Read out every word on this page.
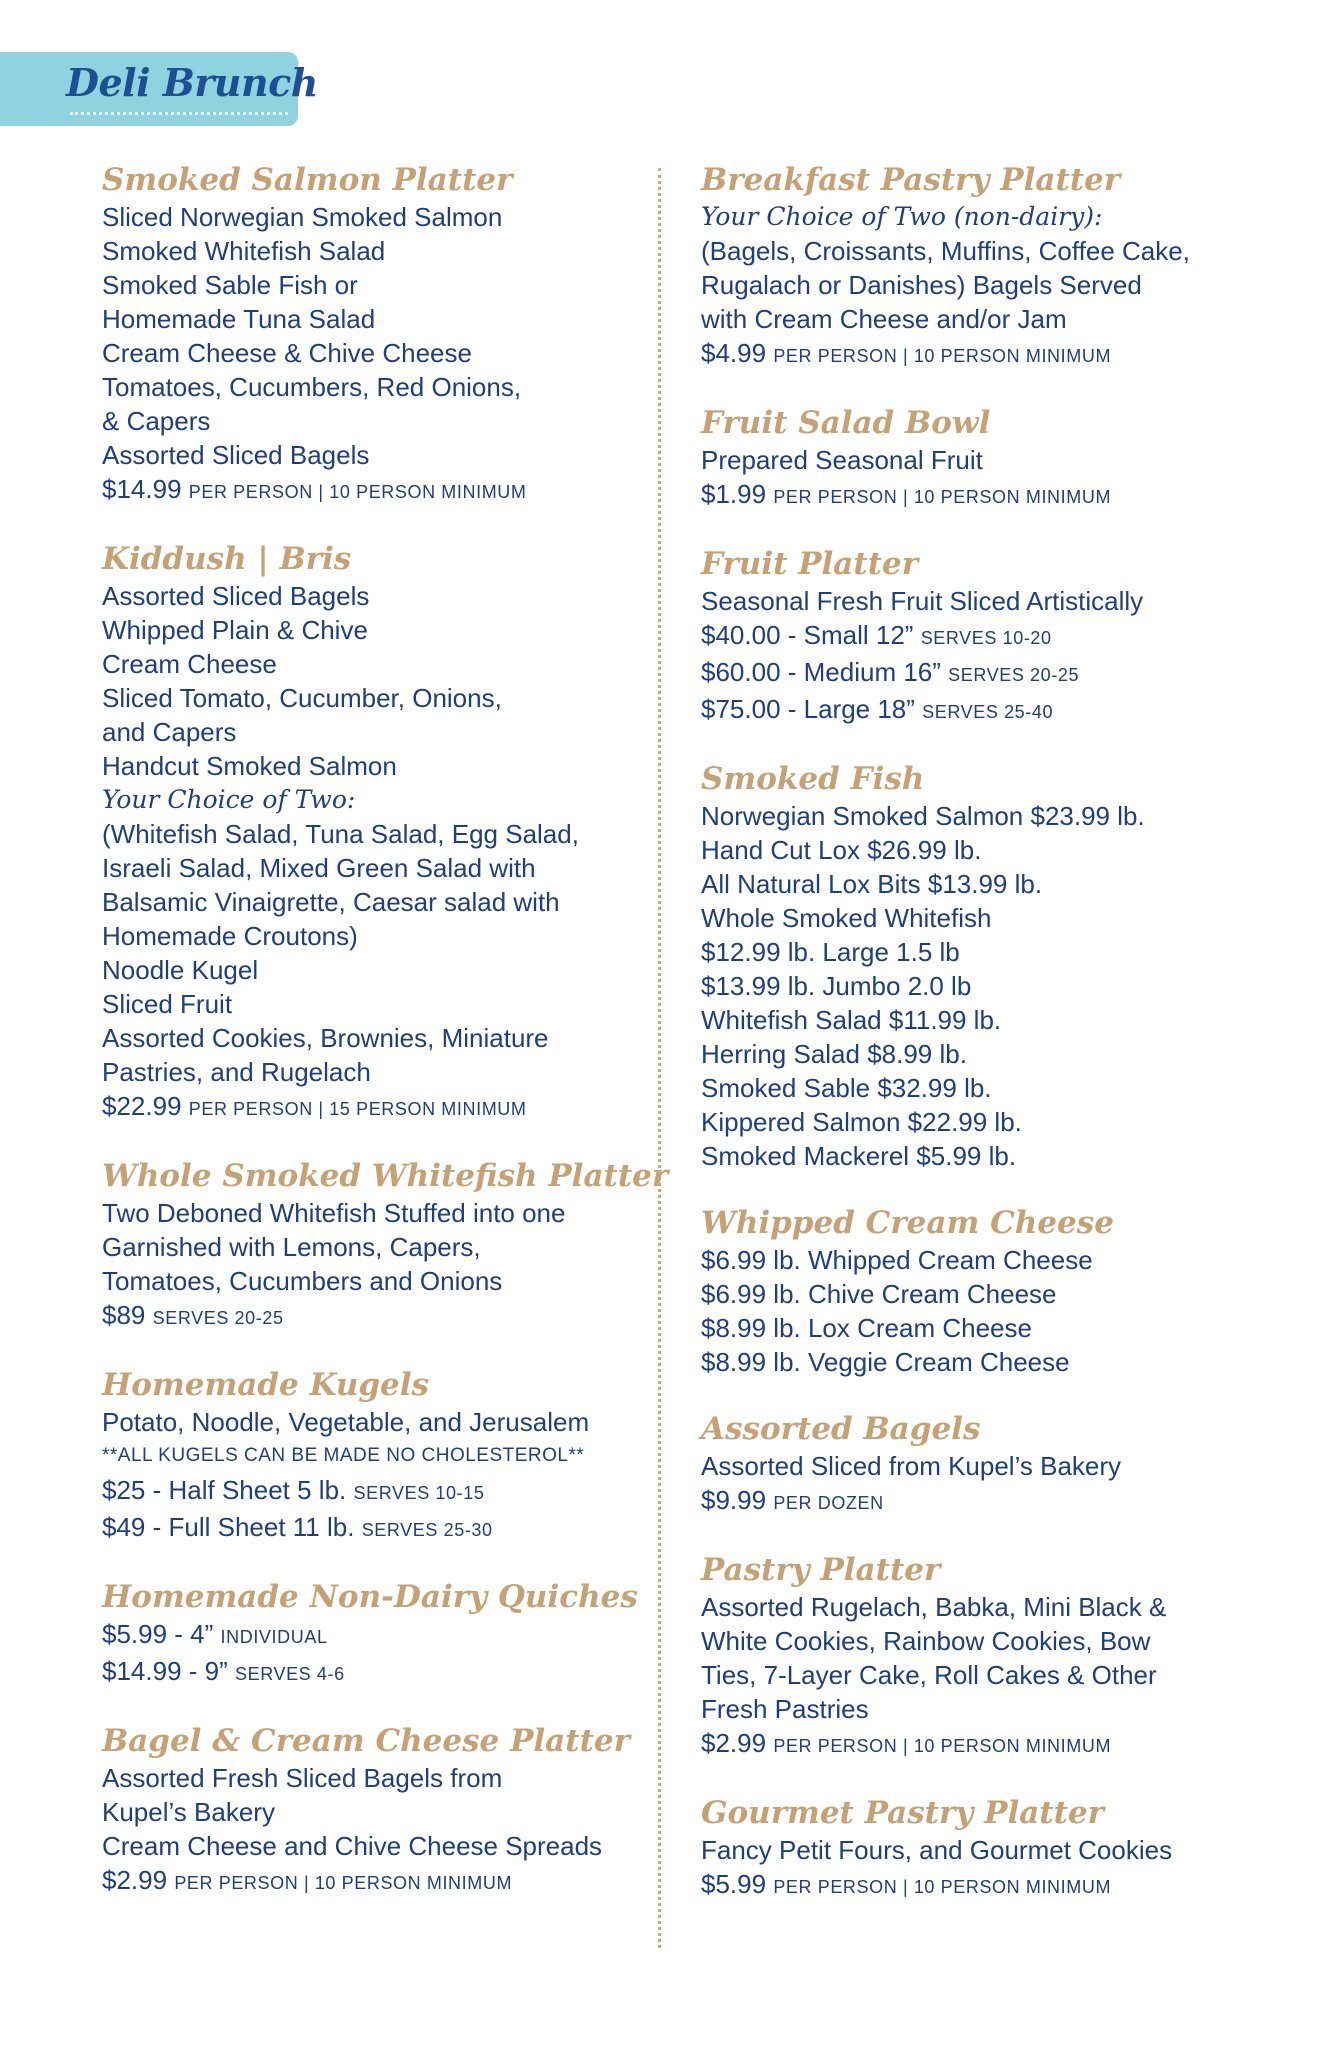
Deli Brunch
Smoked Salmon Platter
Sliced Norwegian Smoked Salmon
Smoked Whitefish Salad
Smoked Sable Fish or
Homemade Tuna Salad
Cream Cheese & Chive Cheese
Tomatoes, Cucumbers, Red Onions,
& Capers
Assorted Sliced Bagels
$14.99 PER PERSON | 10 PERSON MINIMUM
Kiddush | Bris
Assorted Sliced Bagels
Whipped Plain & Chive
Cream Cheese
Sliced Tomato, Cucumber, Onions,
and Capers
Handcut Smoked Salmon
Your Choice of Two:
(Whitefish Salad, Tuna Salad, Egg Salad,
Israeli Salad, Mixed Green Salad with
Balsamic Vinaigrette, Caesar salad with
Homemade Croutons)
Noodle Kugel
Sliced Fruit
Assorted Cookies, Brownies, Miniature
Pastries, and Rugelach
$22.99 PER PERSON | 15 PERSON MINIMUM
Whole Smoked Whitefish Platter
Two Deboned Whitefish Stuffed into one
Garnished with Lemons, Capers,
Tomatoes, Cucumbers and Onions
$89 SERVES 20-25
Homemade Kugels
Potato, Noodle, Vegetable, and Jerusalem
**ALL KUGELS CAN BE MADE NO CHOLESTEROL**
$25 - Half Sheet 5 lb. SERVES 10-15
$49 - Full Sheet 11 lb. SERVES 25-30
Homemade Non-Dairy Quiches
$5.99 - 4” INDIVIDUAL
$14.99 - 9” SERVES 4-6
Bagel & Cream Cheese Platter
Assorted Fresh Sliced Bagels from
Kupel’s Bakery
Cream Cheese and Chive Cheese Spreads
$2.99 PER PERSON | 10 PERSON MINIMUM
Breakfast Pastry Platter
Your Choice of Two (non-dairy):
(Bagels, Croissants, Muffins, Coffee Cake,
Rugalach or Danishes) Bagels Served
with Cream Cheese and/or Jam
$4.99 PER PERSON | 10 PERSON MINIMUM
Fruit Salad Bowl
Prepared Seasonal Fruit
$1.99 PER PERSON | 10 PERSON MINIMUM
Fruit Platter
Seasonal Fresh Fruit Sliced Artistically
$40.00 - Small 12” SERVES 10-20
$60.00 - Medium 16” SERVES 20-25
$75.00 - Large 18” SERVES 25-40
Smoked Fish
Norwegian Smoked Salmon $23.99 lb.
Hand Cut Lox $26.99 lb.
All Natural Lox Bits $13.99 lb.
Whole Smoked Whitefish
$12.99 lb. Large 1.5 lb
$13.99 lb. Jumbo 2.0 lb
Whitefish Salad $11.99 lb.
Herring Salad $8.99 lb.
Smoked Sable $32.99 lb.
Kippered Salmon $22.99 lb.
Smoked Mackerel $5.99 lb.
Whipped Cream Cheese
$6.99 lb. Whipped Cream Cheese
$6.99 lb. Chive Cream Cheese
$8.99 lb. Lox Cream Cheese
$8.99 lb. Veggie Cream Cheese
Assorted Bagels
Assorted Sliced from Kupel’s Bakery
$9.99 PER DOZEN
Pastry Platter
Assorted Rugelach, Babka, Mini Black &
White Cookies, Rainbow Cookies, Bow
Ties, 7-Layer Cake, Roll Cakes & Other
Fresh Pastries
$2.99 PER PERSON | 10 PERSON MINIMUM
Gourmet Pastry Platter
Fancy Petit Fours, and Gourmet Cookies
$5.99 PER PERSON | 10 PERSON MINIMUM
